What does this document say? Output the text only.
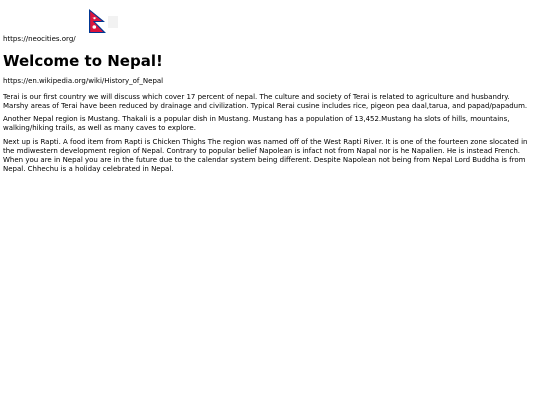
https://neocities.org/
Welcome to Nepal!
https://en.wikipedia.org/wiki/History_of_Nepal

Terai is our first country we will discuss which cover 17 percent of nepal. The culture and society of Terai is related to agriculture and husbandry. Marshy areas of Terai have been reduced by drainage and civilization. Typical Rerai cusine includes rice, pigeon pea daal,tarua, and papad/papadum.

Another Nepal region is Mustang. Thakali is a popular dish in Mustang. Mustang has a population of 13,452.Mustang ha slots of hills, mountains, walking/hiking trails, as well as many caves to explore.

Next up is Rapti. A food item from Rapti is Chicken Thighs The region was named off of the West Rapti River. It is one of the fourteen zone slocated in the mdiwestern development region of Nepal. Contrary to popular belief Napolean is infact not from Napal nor is he Napalien. He is instead French. When you are in Nepal you are in the future due to the calendar system being different. Despite Napolean not being from Nepal Lord Buddha is from Nepal. Chhechu is a holiday celebrated in Nepal.
